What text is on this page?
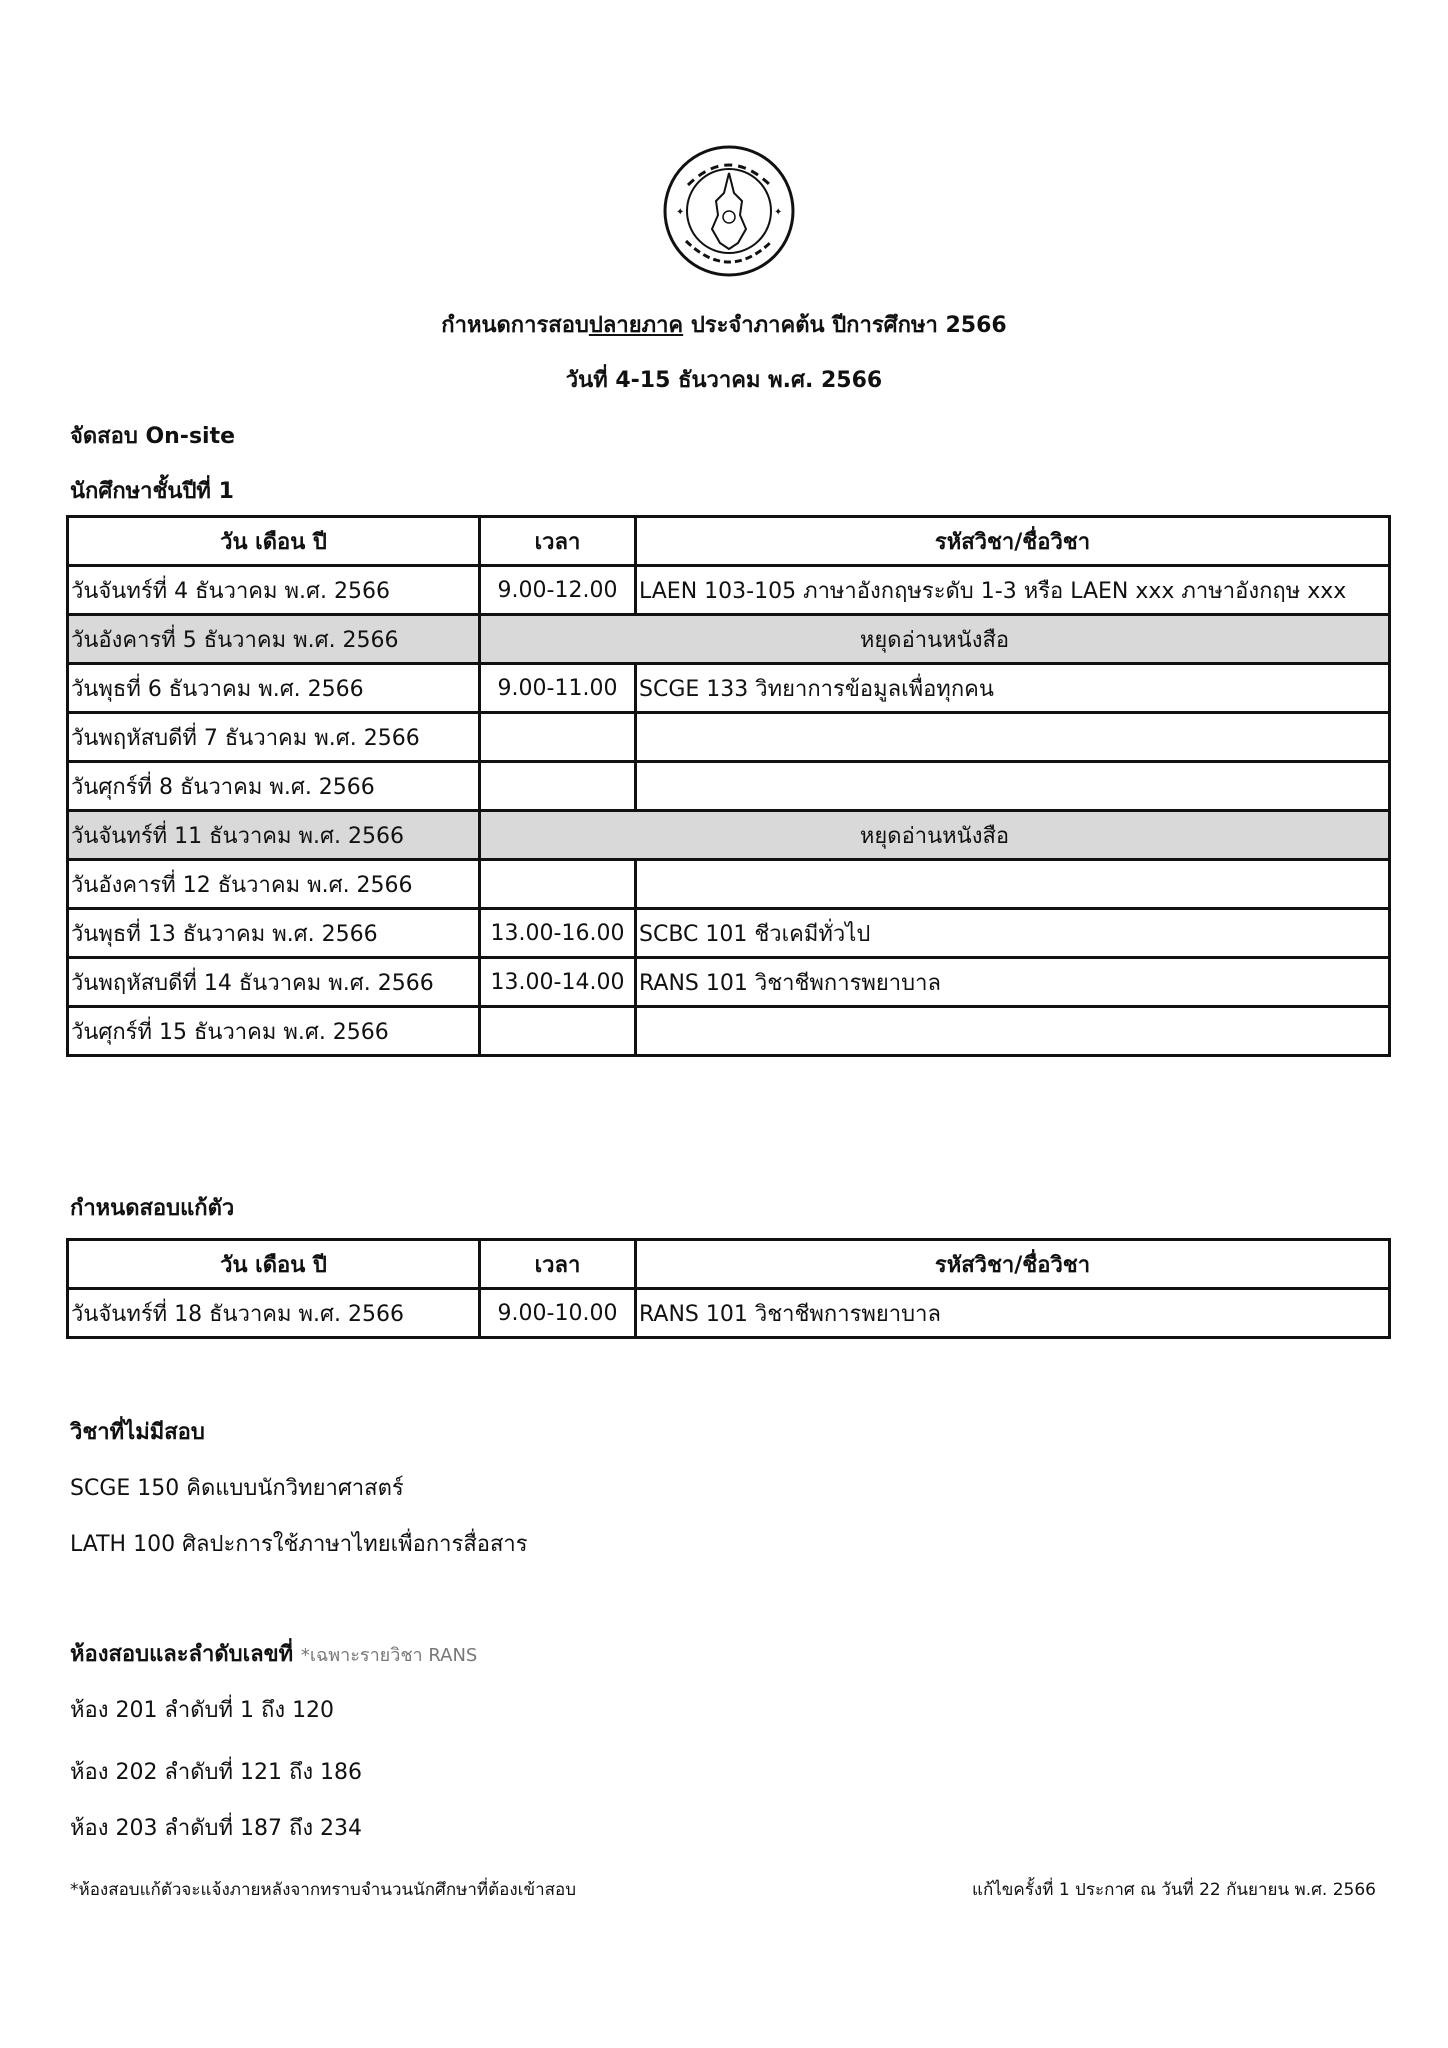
✦	✦
กำหนดการสอบปลายภาค ประจำภาคต้น ปีการศึกษา 2566
วันที่ 4-15 ธันวาคม พ.ศ. 2566
จัดสอบ On-site
นักศึกษาชั้นปีที่ 1
วัน เดือน ปี	เวลา	รหัสวิชา/ชื่อวิชา
วันจันทร์ที่ 4 ธันวาคม พ.ศ. 2566	9.00-12.00	LAEN 103-105 ภาษาอังกฤษระดับ 1-3 หรือ LAEN xxx ภาษาอังกฤษ xxx
วันอังคารที่ 5 ธันวาคม พ.ศ. 2566	หยุดอ่านหนังสือ	
วันพุธที่ 6 ธันวาคม พ.ศ. 2566	9.00-11.00	SCGE 133 วิทยาการข้อมูลเพื่อทุกคน
วันพฤหัสบดีที่ 7 ธันวาคม พ.ศ. 2566		
วันศุกร์ที่ 8 ธันวาคม พ.ศ. 2566		
วันจันทร์ที่ 11 ธันวาคม พ.ศ. 2566	หยุดอ่านหนังสือ	
วันอังคารที่ 12 ธันวาคม พ.ศ. 2566		
วันพุธที่ 13 ธันวาคม พ.ศ. 2566	13.00-16.00	SCBC 101 ชีวเคมีทั่วไป
วันพฤหัสบดีที่ 14 ธันวาคม พ.ศ. 2566	13.00-14.00	RANS 101 วิชาชีพการพยาบาล
วันศุกร์ที่ 15 ธันวาคม พ.ศ. 2566		
กำหนดสอบแก้ตัว
วัน เดือน ปี	เวลา	รหัสวิชา/ชื่อวิชา
วันจันทร์ที่ 18 ธันวาคม พ.ศ. 2566	9.00-10.00	RANS 101 วิชาชีพการพยาบาล
วิชาที่ไม่มีสอบ
SCGE 150 คิดแบบนักวิทยาศาสตร์
LATH 100 ศิลปะการใช้ภาษาไทยเพื่อการสื่อสาร
ห้องสอบและลำดับเลขที่ *เฉพาะรายวิชา RANS
ห้อง 201 ลำดับที่ 1 ถึง 120
ห้อง 202 ลำดับที่ 121 ถึง 186
ห้อง 203 ลำดับที่ 187 ถึง 234
*ห้องสอบแก้ตัวจะแจ้งภายหลังจากทราบจำนวนนักศึกษาที่ต้องเข้าสอบ	แก้ไขครั้งที่ 1 ประกาศ ณ วันที่ 22 กันยายน พ.ศ. 2566
